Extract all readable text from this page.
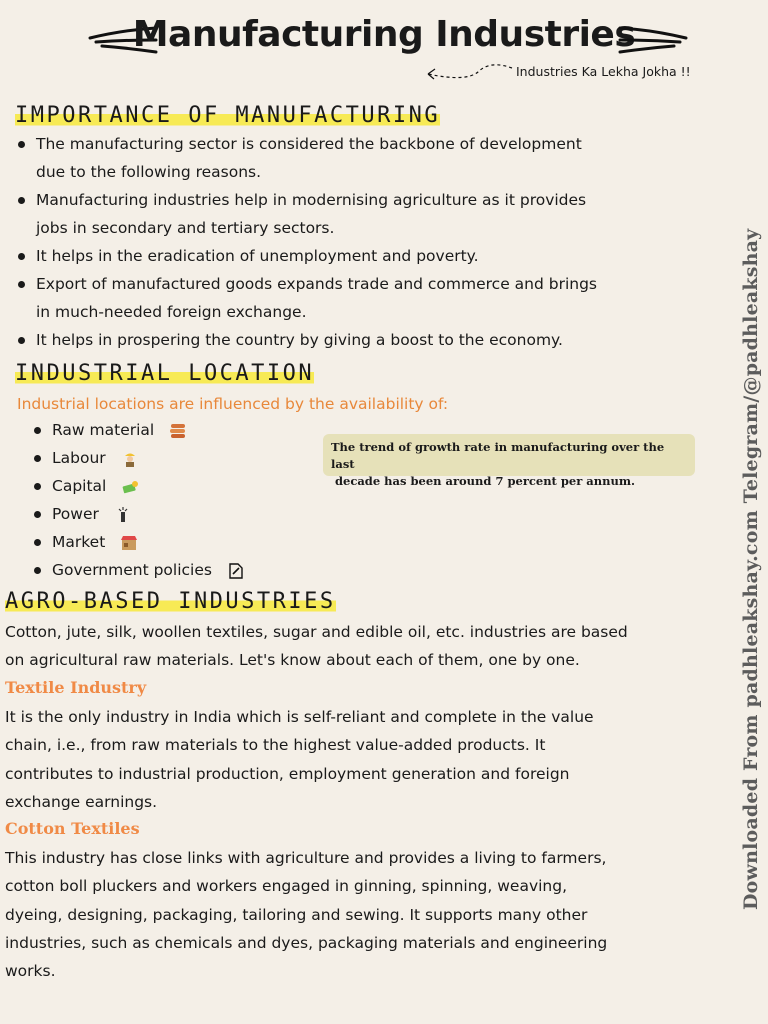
Manufacturing Industries
Industries Ka Lekha Jokha !!
IMPORTANCE OF MANUFACTURING
The manufacturing sector is considered the backbone of development
due to the following reasons.
Manufacturing industries help in modernising agriculture as it provides
jobs in secondary and tertiary sectors.
It helps in the eradication of unemployment and poverty.
Export of manufactured goods expands trade and commerce and brings
in much-needed foreign exchange.
It helps in prospering the country by giving a boost to the economy.
INDUSTRIAL LOCATION
Industrial locations are influenced by the availability of:
Raw material
Labour
Capital
Power
Market
Government policies
The trend of growth rate in manufacturing over the last
decade has been around 7 percent per annum.
AGRO-BASED INDUSTRIES
Cotton, jute, silk, woollen textiles, sugar and edible oil, etc. industries are based
on agricultural raw materials. Let's know about each of them, one by one.
Textile Industry
It is the only industry in India which is self-reliant and complete in the value
chain, i.e., from raw materials to the highest value-added products. It
contributes to industrial production, employment generation and foreign
exchange earnings.
Cotton Textiles
This industry has close links with agriculture and provides a living to farmers,
cotton boll pluckers and workers engaged in ginning, spinning, weaving,
dyeing, designing, packaging, tailoring and sewing. It supports many other
industries, such as chemicals and dyes, packaging materials and engineering
works.
Downloaded From padhleakshay.com Telegram/@padhleakshay
